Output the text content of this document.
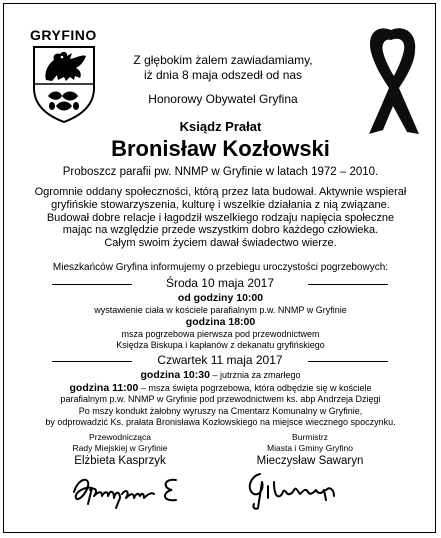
GRYFINO
Z głębokim żalem zawiadamiamy,
iż dnia 8 maja odszedł od nas
Honorowy Obywatel Gryfina
Ksiądz Prałat
Bronisław Kozłowski
Proboszcz parafii pw. NNMP w Gryfinie w latach 1972 – 2010.
Ogromnie oddany społeczności, którą przez lata budował. Aktywnie wspierał
gryfińskie stowarzyszenia, kulturę i wszelkie działania z nią związane.
Budował dobre relacje i łagodził wszelkiego rodzaju napięcia społeczne
mając na względzie przede wszystkim dobro każdego człowieka.
Całym swoim życiem dawał świadectwo wierze.
Mieszkańców Gryfina informujemy o przebiegu uroczystości pogrzebowych:
Środa 10 maja 2017
od godziny 10:00
wystawienie ciała w kościele parafialnym p.w. NNMP w Gryfinie
godzina 18:00
msza pogrzebowa pierwsza pod przewodnictwem
Księdza Biskupa i kapłanów z dekanatu gryfińskiego
Czwartek 11 maja 2017
godzina 10:30 – jutrznia za zmarłego
godzina 11:00 – msza święta pogrzebowa, która odbędzie się w kościele
parafialnym p.w. NNMP w Gryfinie pod przewodnictwem ks. abp Andrzeja Dzięgi
Po mszy kondukt żałobny wyruszy na Cmentarz Komunalny w Gryfinie,
by odprowadzić Ks. prałata Bronisława Kozłowskiego na miejsce wiecznego spoczynku.
Przewodnicząca
Rady Miejskiej w Gryfinie
Elżbieta Kasprzyk
Burmistrz
Miasta i Gminy Gryfino
Mieczysław Sawaryn
